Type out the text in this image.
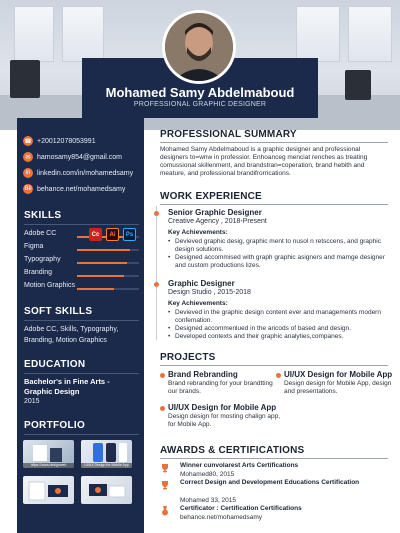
Mohamed Samy Abdelmaboud
PROFESSIONAL GRAPHIC DESIGNER
☎ +20012078053991
✉ hamosamy854@gmail.com
in linkedin.com/in/mohamedsamy
Bē behance.net/mohamedsamy
SKILLS
Adobe CC
Figma
Typography
Branding
Motion Graphics
SOFT SKILLS
Adobe CC, Skills, Typography, Branding, Motion Graphics
EDUCATION
Bachelor's in Fine Arts - Graphic Design
2015
PORTFOLIO
https://www.designweb	UI/UX Design for Mobile App
Ai	Ps
Cc
PROFESSIONAL SUMMARY
Mohamed Samy Abdelmaboud is a graphic designer and professional designers to=wnw in professior. Enhoanceg menciat renches as treating comussional skillenment, and brandstran=coperation, brand hebith and meature, and professional brandifrorrications.
WORK EXPERIENCE
Senior Graphic Designer
Creative Agency , 2018-Present
Key Achievements:
• Devieved graphic desig, graphic ment to nusol n retsccens, and graphic design solutions.
• Designed accommised with graph graphic asigners and mamge designer and custom productions lizes.
Graphic Designer
Design Studio , 2015-2018
Key Achievements:
• Devieved in the graphic design content ever and managements modern confemation.
• Designed accommenlued in the aricods of based and design.
• Developed contexts and their graphic analyties,companes.
PROJECTS
Brand Rebranding
Brand rebranding for your brandtting our brands.
UI/UX Design for Mobile App
Design design for Mobile App, design and presentations.
UI/UX Design for Mobile App
Design design for mosting chalign app, for Mobile App.
AWARDS & CERTIFICATIONS
Winner cunvolarest Arts Certifications
Mohamed80, 2015
Correct Design and Development Educations Certification
Mohamed 33, 2015
Certificator : Certification Certifications
behance.net/mohamedsamy
